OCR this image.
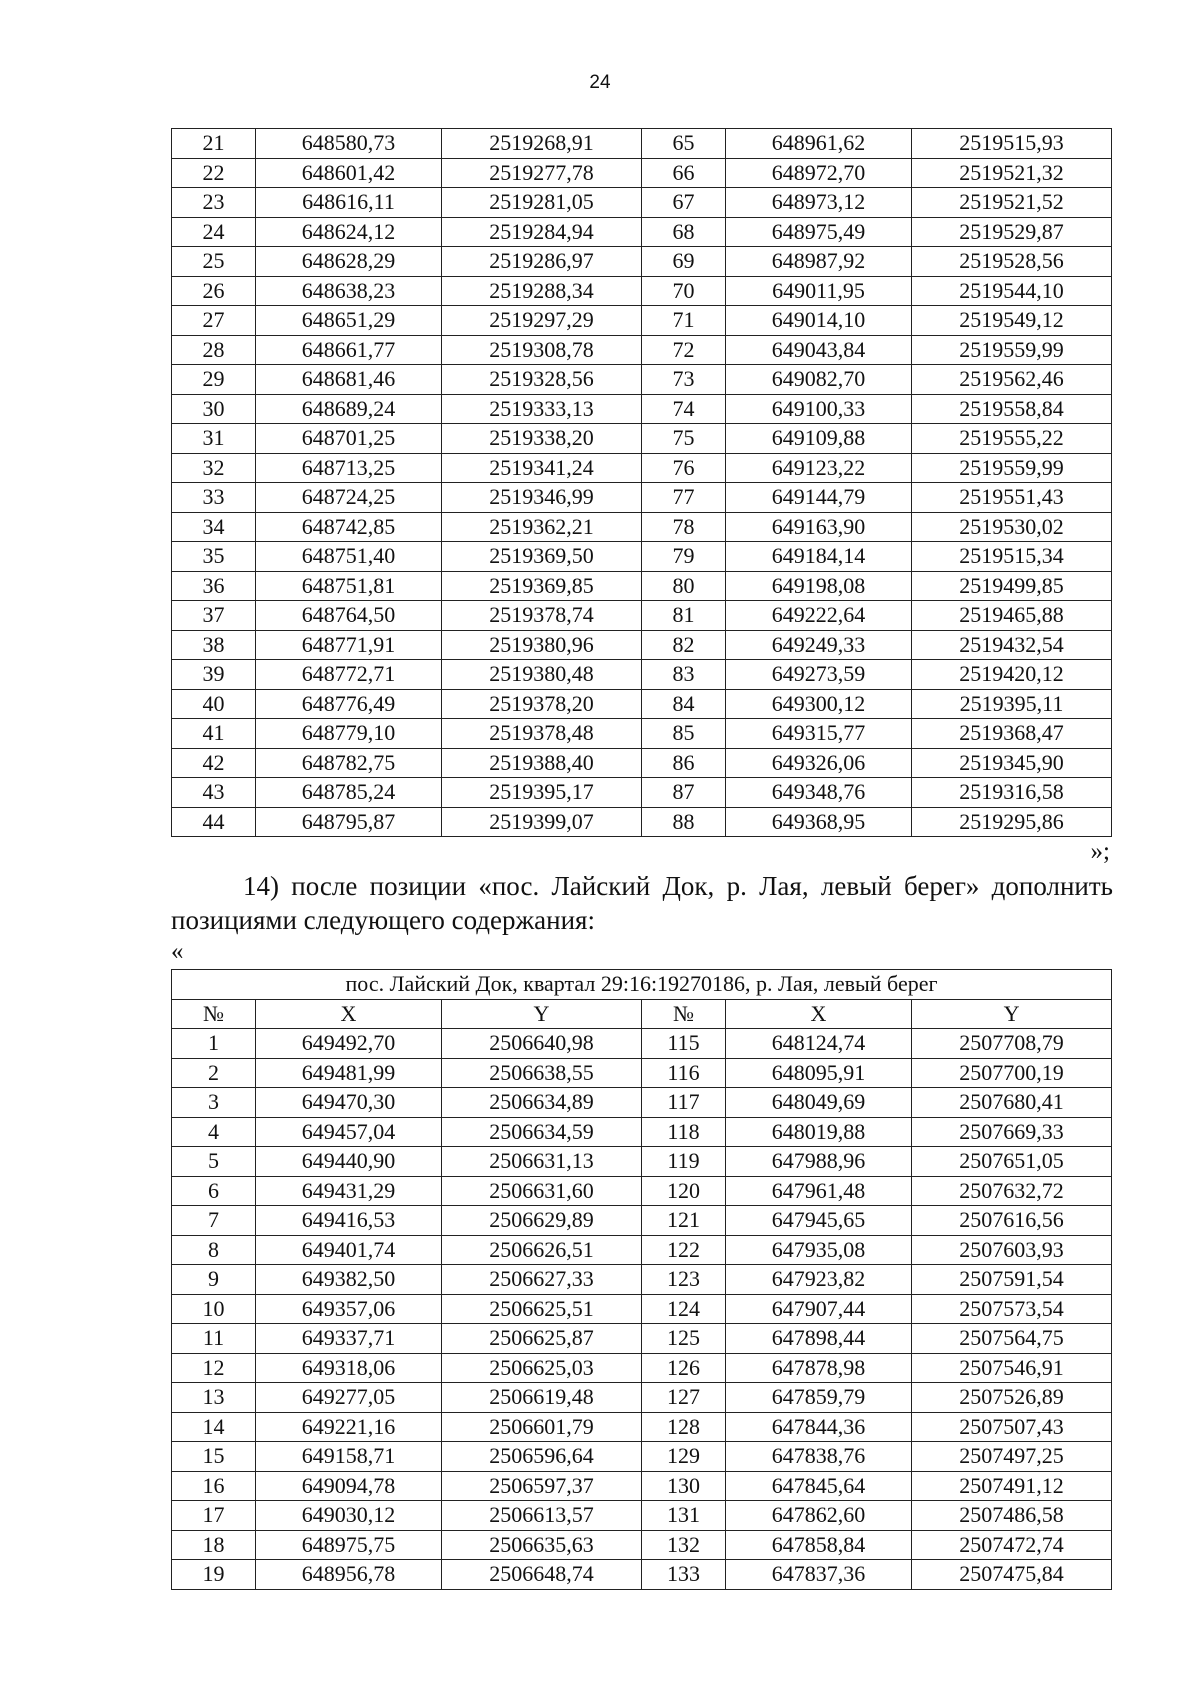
24
21	648580,73	2519268,91	65	648961,62	2519515,93
22	648601,42	2519277,78	66	648972,70	2519521,32
23	648616,11	2519281,05	67	648973,12	2519521,52
24	648624,12	2519284,94	68	648975,49	2519529,87
25	648628,29	2519286,97	69	648987,92	2519528,56
26	648638,23	2519288,34	70	649011,95	2519544,10
27	648651,29	2519297,29	71	649014,10	2519549,12
28	648661,77	2519308,78	72	649043,84	2519559,99
29	648681,46	2519328,56	73	649082,70	2519562,46
30	648689,24	2519333,13	74	649100,33	2519558,84
31	648701,25	2519338,20	75	649109,88	2519555,22
32	648713,25	2519341,24	76	649123,22	2519559,99
33	648724,25	2519346,99	77	649144,79	2519551,43
34	648742,85	2519362,21	78	649163,90	2519530,02
35	648751,40	2519369,50	79	649184,14	2519515,34
36	648751,81	2519369,85	80	649198,08	2519499,85
37	648764,50	2519378,74	81	649222,64	2519465,88
38	648771,91	2519380,96	82	649249,33	2519432,54
39	648772,71	2519380,48	83	649273,59	2519420,12
40	648776,49	2519378,20	84	649300,12	2519395,11
41	648779,10	2519378,48	85	649315,77	2519368,47
42	648782,75	2519388,40	86	649326,06	2519345,90
43	648785,24	2519395,17	87	649348,76	2519316,58
44	648795,87	2519399,07	88	649368,95	2519295,86
»;
14) после позиции «пос. Лайский Док, р. Лая, левый берег» дополнить позициями следующего содержания:
«
пос. Лайский Док, квартал 29:16:19270186, р. Лая, левый берег					
№	X	Y	№	X	Y
1	649492,70	2506640,98	115	648124,74	2507708,79
2	649481,99	2506638,55	116	648095,91	2507700,19
3	649470,30	2506634,89	117	648049,69	2507680,41
4	649457,04	2506634,59	118	648019,88	2507669,33
5	649440,90	2506631,13	119	647988,96	2507651,05
6	649431,29	2506631,60	120	647961,48	2507632,72
7	649416,53	2506629,89	121	647945,65	2507616,56
8	649401,74	2506626,51	122	647935,08	2507603,93
9	649382,50	2506627,33	123	647923,82	2507591,54
10	649357,06	2506625,51	124	647907,44	2507573,54
11	649337,71	2506625,87	125	647898,44	2507564,75
12	649318,06	2506625,03	126	647878,98	2507546,91
13	649277,05	2506619,48	127	647859,79	2507526,89
14	649221,16	2506601,79	128	647844,36	2507507,43
15	649158,71	2506596,64	129	647838,76	2507497,25
16	649094,78	2506597,37	130	647845,64	2507491,12
17	649030,12	2506613,57	131	647862,60	2507486,58
18	648975,75	2506635,63	132	647858,84	2507472,74
19	648956,78	2506648,74	133	647837,36	2507475,84
